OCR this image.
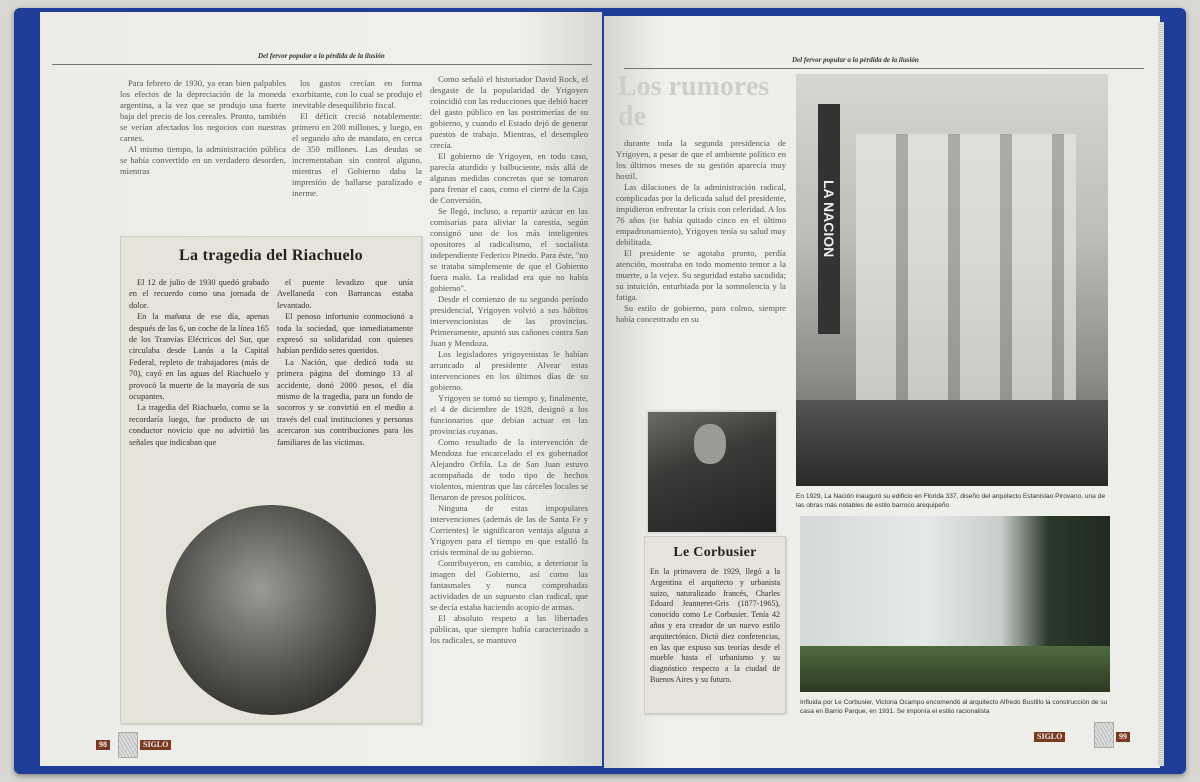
Del fervor popular a la pérdida de la ilusión

Para febrero de 1930, ya eran bien palpables los efectos de la depreciación de la moneda argentina, a la vez que se produjo una fuerte baja del precio de los cereales. Pronto, también se verían afectados los negocios con nuestras carnes.

Al mismo tiempo, la administración pública se había convertido en un verdadero desorden, mientras

los gastos crecían en forma exorbitante, con lo cual se produjo el inevitable desequilibrio fiscal.

El déficit creció notablemente: primero en 200 millones, y luego, en el segundo año de mandato, en cerca de 350 millones. Las deudas se incrementaban sin control alguno, mientras el Gobierno daba la impresión de hallarse paralizado e inerme.

Como señaló el historiador David Rock, el desgaste de la popularidad de Yrigoyen coincidió con las reducciones que debió hacer del gasto público en las postrimerías de su gobierno, y cuando el Estado dejó de generar puestos de trabajo. Mientras, el desempleo crecía.

El gobierno de Yrigoyen, en todo caso, parecía aturdido y balbuciente, más allá de algunas medidas concretas que se tomaron para frenar el caos, como el cierre de la Caja de Conversión.

Se llegó, incluso, a repartir azúcar en las comisarías para aliviar la carestía, según consignó uno de los más inteligentes opositores al radicalismo, el socialista independiente Federico Pinedo. Para éste, "no se trataba simplemente de que el Gobierno fuera malo. La realidad era que no había gobierno".

Desde el comienzo de su segundo período presidencial, Yrigoyen volvió a sus hábitos intervencionistas de las provincias. Primeramente, apuntó sus cañones contra San Juan y Mendoza.

Los legisladores yrigoyenistas le habían arrancado al presidente Alvear estas intervenciones en los últimos días de su gobierno.

Yrigoyen se tomó su tiempo y, finalmente, el 4 de diciembre de 1928, designó a los funcionarios que debían actuar en las provincias cuyanas.

Como resultado de la intervención de Mendoza fue encarcelado el ex gobernador Alejandro Orfila. La de San Juan estuvo acompañada de todo tipo de hechos violentos, mientras que las cárceles locales se llenaron de presos políticos.

Ninguna de estas impopulares intervenciones (además de las de Santa Fe y Corrientes) le significaron ventaja alguna a Yrigoyen para el tiempo en que estalló la crisis terminal de su gobierno.

Contribuyeron, en cambio, a deteriorar la imagen del Gobierno, así como las fantasmales y nunca comprobadas actividades de un supuesto clan radical, que se decía estaba haciendo acopio de armas.

El absoluto respeto a las libertades públicas, que siempre había caracterizado a los radicales, se mantuvo

La tragedia del Riachuelo

El 12 de julio de 1930 quedó grabado en el recuerdo como una jornada de dolor.

En la mañana de ese día, apenas después de las 6, un coche de la línea 165 de los Tranvías Eléctricos del Sur, que circulaba desde Lanús a la Capital Federal, repleto de trabajadores (más de 70), cayó en las aguas del Riachuelo y provocó la muerte de la mayoría de sus ocupantes.

La tragedia del Riachuelo, como se la recordaría luego, fue producto de un conductor novicio que no advirtió las señales que indicaban que

el puente levadizo que unía Avellaneda con Barrancas estaba levantado.

El penoso infortunio conmocionó a toda la sociedad, que inmediatamente expresó su solidaridad con quienes habían perdido seres queridos.

La Nación, que dedicó toda su primera página del domingo 13 al accidente, donó 2000 pesos, el día mismo de la tragedia, para un fondo de socorros y se convirtió en el medio a través del cual instituciones y personas acercaron sus contribuciones para los familiares de las víctimas.

98	SIGLO
Del fervor popular a la pérdida de la ilusión
Los rumores de

durante toda la segunda presidencia de Yrigoyen, a pesar de que el ambiente político en los últimos meses de su gestión aparecía muy hostil.

Las dilaciones de la administración radical, complicadas por la delicada salud del presidente, impidieron enfrentar la crisis con celeridad. A los 76 años (se había quitado cinco en el último empadronamiento), Yrigoyen tenía su salud muy debilitada.

El presidente se agotaba pronto, perdía atención, mostraba en todo momento temor a la muerte, a la vejez. Su seguridad estaba sacudida; su intuición, enturbiada por la somnolencia y la fatiga.

Su estilo de gobierno, para colmo, siempre había concentrado en su

Le Corbusier
En la primavera de 1929, llegó a la Argentina el arquitecto y urbanista suizo, naturalizado francés, Charles Edoard Jeanneret-Gris (1877-1965), conocido como Le Corbusier. Tenía 42 años y era creador de un nuevo estilo arquitectónico. Dictó diez conferencias, en las que expuso sus teorías desde el mueble hasta el urbanismo y su diagnóstico respecto a la ciudad de Buenos Aires y su futuro.
LA NACION
En 1929, La Nación inauguró su edificio en Florida 337, diseño del arquitecto Estanislao Pirovano, una de las obras más notables de estilo barroco arequipeño
Influida por Le Corbusier, Victoria Ocampo encomendó al arquitecto Alfredo Bustillo la construcción de su casa en Barrio Parque, en 1931. Se imponía el estilo racionalista
SIGLO	99
